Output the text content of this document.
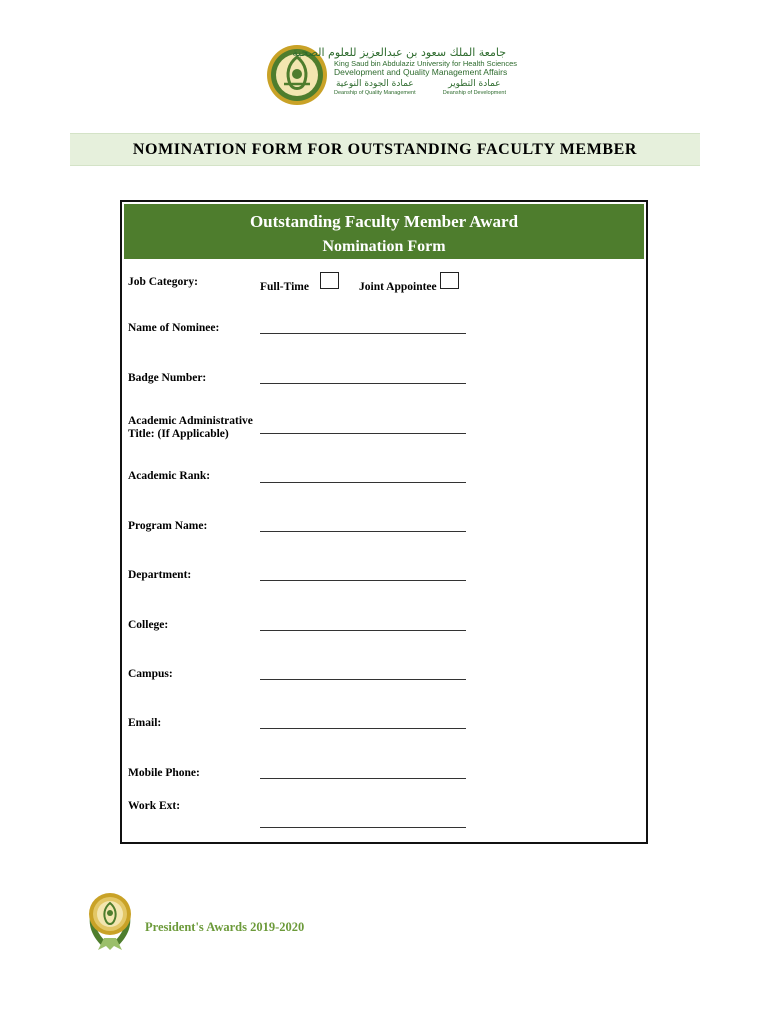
جامعة الملك سعود بن عبدالعزيز للعلوم الصحية
King Saud bin Abdulaziz University for Health Sciences
Development and Quality Management Affairs
عمادة الجودة النوعية
Deanship of Quality Management
عمادة التطوير
Deanship of Development
NOMINATION FORM FOR OUTSTANDING FACULTY MEMBER
Outstanding Faculty Member Award
Nomination Form
Job Category:	Full-Time	Joint Appointee
Name of Nominee:
Badge Number:
Academic Administrative
Title: (If Applicable)
Academic Rank:
Program Name:
Department:
College:
Campus:
Email:
Mobile Phone:
Work Ext:
President's Awards 2019-2020
